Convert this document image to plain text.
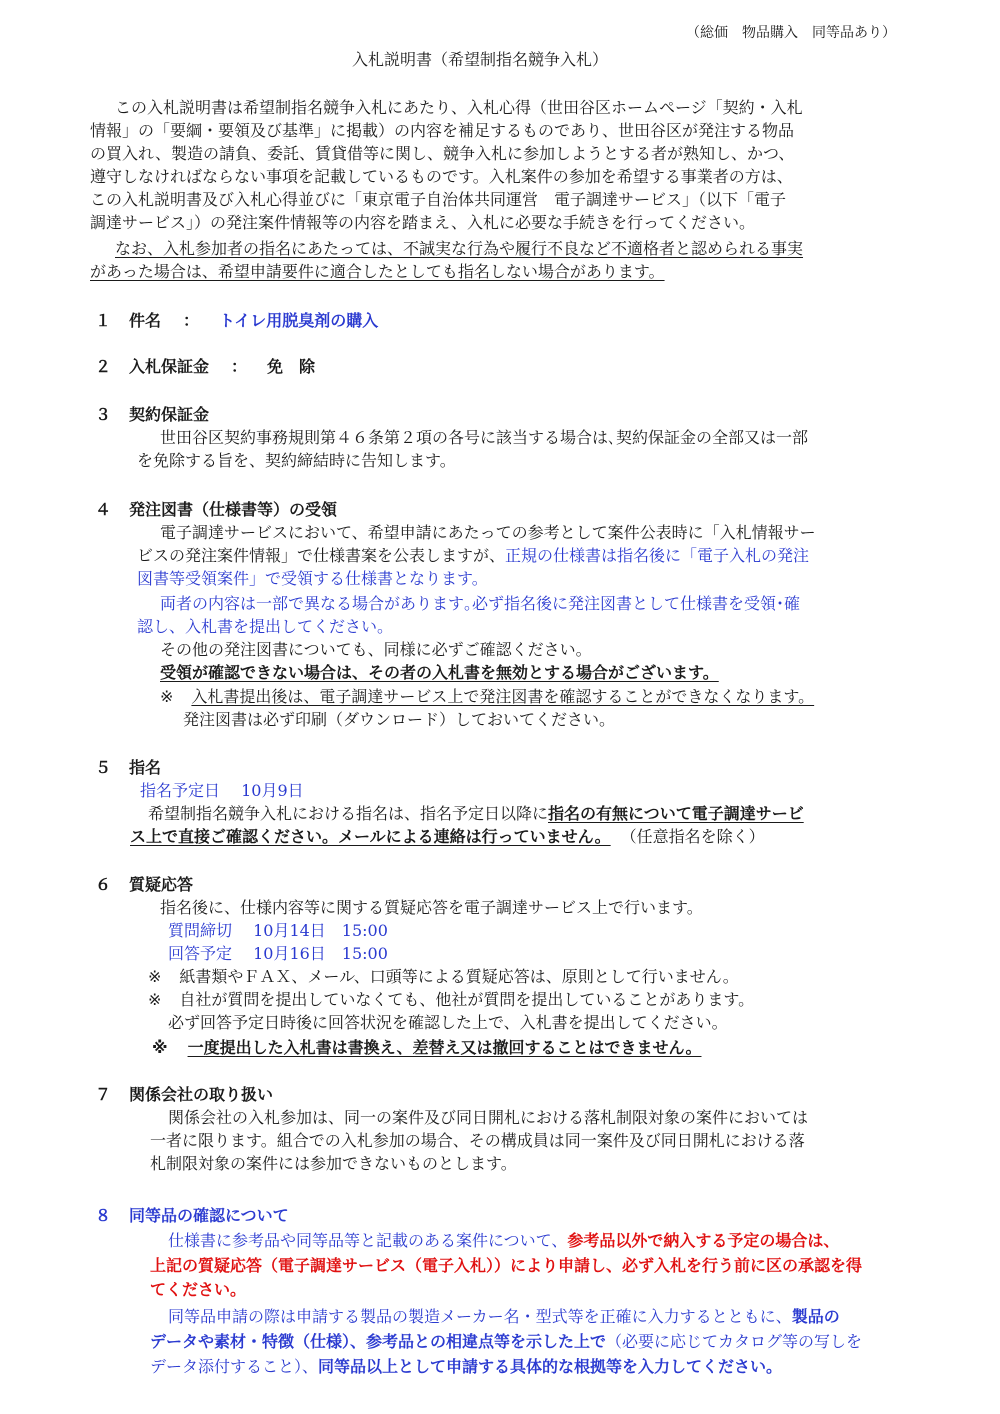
（総価　物品購入　同等品あり）
入札説明書（希望制指名競争入札）
この入札説明書は希望制指名競争入札にあたり、入札心得（世田谷区ホームページ「契約・入札
情報」の「要綱・要領及び基準」に掲載）の内容を補足するものであり、世田谷区が発注する物品
の買入れ、製造の請負、委託、賃貸借等に関し、競争入札に参加しようとする者が熟知し、かつ、
遵守しなければならない事項を記載しているものです。入札案件の参加を希望する事業者の方は、
この入札説明書及び入札心得並びに「東京電子自治体共同運営　電子調達サービス」（以下「電子
調達サービス」）の発注案件情報等の内容を踏まえ、入札に必要な手続きを行ってください。
なお、入札参加者の指名にあたっては、不誠実な行為や履行不良など不適格者と認められる事実
があった場合は、希望申請要件に適合したとしても指名しない場合があります。
１ 件名 ： トイレ用脱臭剤の購入
２ 入札保証金 ： 免　除
３ 契約保証金
世田谷区契約事務規則第４６条第２項の各号に該当する場合は､契約保証金の全部又は一部
を免除する旨を、契約締結時に告知します。
４ 発注図書（仕様書等）の受領
電子調達サービスにおいて、希望申請にあたっての参考として案件公表時に「入札情報サー
ビスの発注案件情報」で仕様書案を公表しますが、正規の仕様書は指名後に「電子入札の発注
図書等受領案件」で受領する仕様書となります。
両者の内容は一部で異なる場合があります｡必ず指名後に発注図書として仕様書を受領･確
認し、入札書を提出してください。
その他の発注図書についても、同様に必ずご確認ください。
受領が確認できない場合は、その者の入札書を無効とする場合がございます。
※ 入札書提出後は、電子調達サービス上で発注図書を確認することができなくなります。
発注図書は必ず印刷（ダウンロード）しておいてください。
５ 指名
指名予定日　 10月9日
希望制指名競争入札における指名は、指名予定日以降に指名の有無について電子調達サービ
ス上で直接ご確認ください。メールによる連絡は行っていません。 （任意指名を除く）
６ 質疑応答
指名後に、仕様内容等に関する質疑応答を電子調達サービス上で行います。
質問締切　 10月14日　15:00
回答予定　 10月16日　15:00
※ 紙書類やＦＡＸ、メール、口頭等による質疑応答は、原則として行いません。
※ 自社が質問を提出していなくても、他社が質問を提出していることがあります。
必ず回答予定日時後に回答状況を確認した上で、入札書を提出してください。
※ 一度提出した入札書は書換え、差替え又は撤回することはできません。
７ 関係会社の取り扱い
関係会社の入札参加は、同一の案件及び同日開札における落札制限対象の案件においては
一者に限ります。組合での入札参加の場合、その構成員は同一案件及び同日開札における落
札制限対象の案件には参加できないものとします。
８ 同等品の確認について
仕様書に参考品や同等品等と記載のある案件について、参考品以外で納入する予定の場合は、
上記の質疑応答（電子調達サービス（電子入札））により申請し、必ず入札を行う前に区の承認を得
てください。
同等品申請の際は申請する製品の製造メーカー名・型式等を正確に入力するとともに、製品の
データや素材・特徴（仕様）、参考品との相違点等を示した上で（必要に応じてカタログ等の写しを
データ添付すること）、同等品以上として申請する具体的な根拠等を入力してください。
